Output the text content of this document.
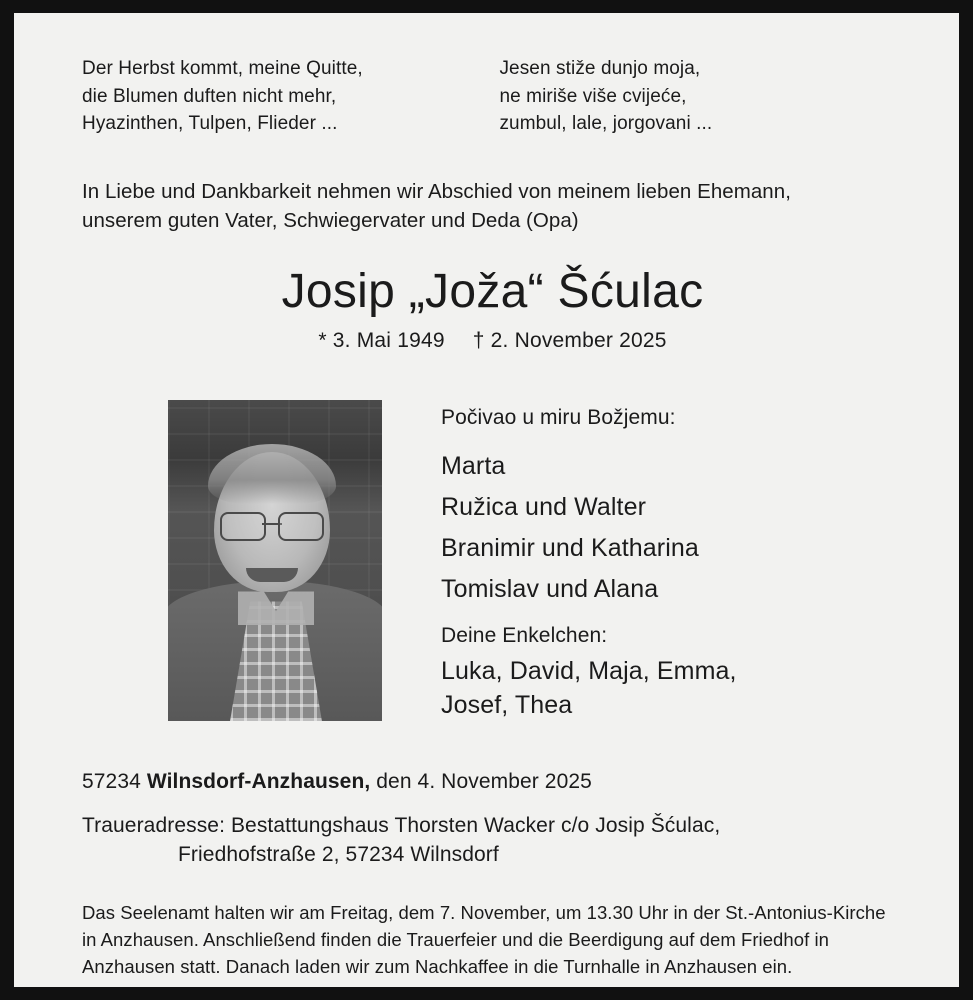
Der Herbst kommt, meine Quitte,

die Blumen duften nicht mehr,

Hyazinthen, Tulpen, Flieder ...

Jesen stiže dunjo moja,

ne miriše više cvijeće,

zumbul, lale, jorgovani ...

In Liebe und Dankbarkeit nehmen wir Abschied von meinem lieben Ehemann,

unserem guten Vater, Schwiegervater und Deda (Opa)

Josip „Joža“ Šćulac
* 3. Mai 1949 † 2. November 2025

Počivao u miru Božjemu:

Marta
Ružica und Walter
Branimir und Katharina
Tomislav und Alana

Deine Enkelchen:

Luka, David, Maja, Emma,
Josef, Thea
57234 Wilnsdorf-Anzhausen, den 4. November 2025
Traueradresse: Bestattungshaus Thorsten Wacker c/o Josip Šćulac,
Friedhofstraße 2, 57234 Wilnsdorf

Das Seelenamt halten wir am Freitag, dem 7. November, um 13.30 Uhr in der St.-Antonius-Kirche

in Anzhausen. Anschließend finden die Trauerfeier und die Beerdigung auf dem Friedhof in

Anzhausen statt. Danach laden wir zum Nachkaffee in die Turnhalle in Anzhausen ein.
